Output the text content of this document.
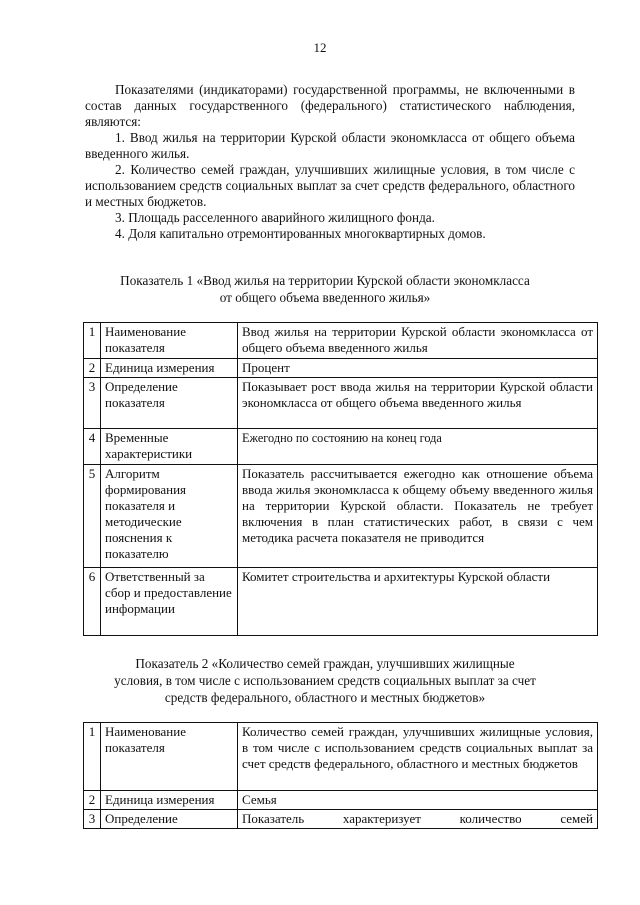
12

Показателями (индикаторами) государственной программы, не включенными в состав данных государственного (федерального) статистического наблюдения, являются:

1. Ввод жилья на территории Курской области экономкласса от общего объема введенного жилья.

2. Количество семей граждан, улучшивших жилищные условия, в том числе с использованием средств социальных выплат за счет средств федерального, областного и местных бюджетов.

3. Площадь расселенного аварийного жилищного фонда.

4. Доля капитально отремонтированных многоквартирных домов.

Показатель 1 «Ввод жилья на территории Курской области экономкласса
от общего объема введенного жилья»
1	Наименование показателя	Ввод жилья на территории Курской области экономкласса от общего объема введенного жилья
2	Единица измерения	Процент
3	Определение показателя	Показывает рост ввода жилья на территории Курской области экономкласса от общего объема введенного жилья
4	Временные характеристики	Ежегодно по состоянию на конец года
5	Алгоритм формирования показателя и методические пояснения к показателю	Показатель рассчитывается ежегодно как отношение объема ввода жилья экономкласса к общему объему введенного жилья на территории Курской области. Показатель не требует включения в план статистических работ, в связи с чем методика расчета показателя не приводится
6	Ответственный за сбор и предоставление информации	Комитет строительства и архитектуры Курской области
Показатель 2 «Количество семей граждан, улучшивших жилищные
условия, в том числе с использованием средств социальных выплат за счет
средств федерального, областного и местных бюджетов»
1	Наименование показателя	Количество семей граждан, улучшивших жилищные условия, в том числе с использованием средств социальных выплат за счет средств федерального, областного и местных бюджетов
2	Единица измерения	Семья
3	Определение	Показатель характеризует количество семей
